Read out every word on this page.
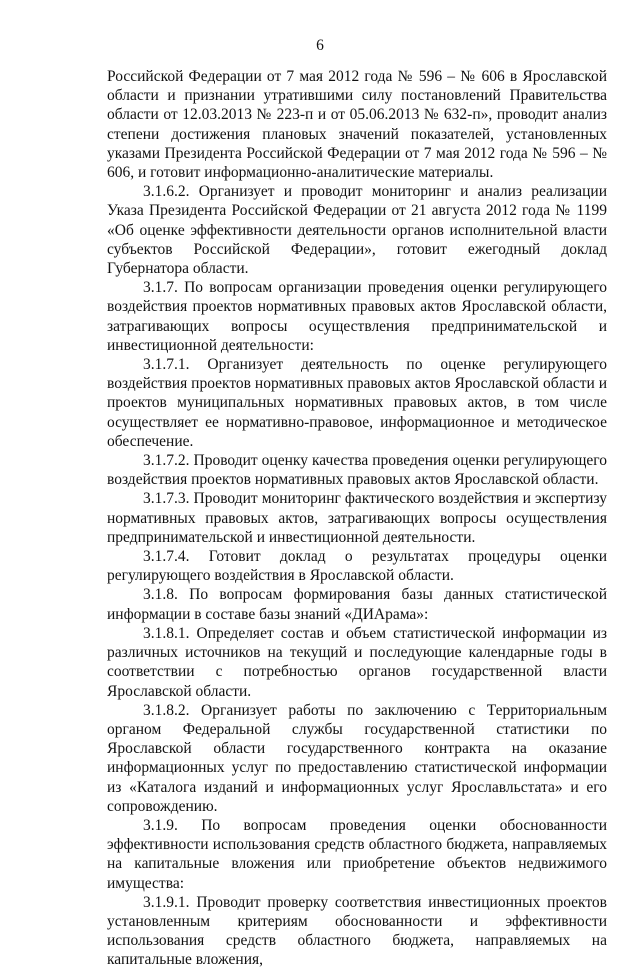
6

Российской Федерации от 7 мая 2012 года № 596 – № 606 в Ярославской области и признании утратившими силу постановлений Правительства области от 12.03.2013 № 223-п и от 05.06.2013 № 632-п», проводит анализ степени достижения плановых значений показателей, установленных указами Президента Российской Федерации от 7 мая 2012 года № 596 – № 606, и готовит информационно-аналитические материалы.

3.1.6.2. Организует и проводит мониторинг и анализ реализации Указа Президента Российской Федерации от 21 августа 2012 года № 1199 «Об оценке эффективности деятельности органов исполнительной власти субъектов Российской Федерации», готовит ежегодный доклад Губернатора области.

3.1.7. По вопросам организации проведения оценки регулирующего воздействия проектов нормативных правовых актов Ярославской области, затрагивающих вопросы осуществления предпринимательской и инвестиционной деятельности:

3.1.7.1. Организует деятельность по оценке регулирующего воздействия проектов нормативных правовых актов Ярославской области и проектов муниципальных нормативных правовых актов, в том числе осуществляет ее нормативно-правовое, информационное и методическое обеспечение.

3.1.7.2. Проводит оценку качества проведения оценки регулирующего воздействия проектов нормативных правовых актов Ярославской области.

3.1.7.3. Проводит мониторинг фактического воздействия и экспертизу нормативных правовых актов, затрагивающих вопросы осуществления предпринимательской и инвестиционной деятельности.

3.1.7.4. Готовит доклад о результатах процедуры оценки регулирующего воздействия в Ярославской области.

3.1.8. По вопросам формирования базы данных статистической информации в составе базы знаний «ДИАрама»:

3.1.8.1. Определяет состав и объем статистической информации из различных источников на текущий и последующие календарные годы в соответствии с потребностью органов государственной власти Ярославской области.

3.1.8.2. Организует работы по заключению с Территориальным органом Федеральной службы государственной статистики по Ярославской области государственного контракта на оказание информационных услуг по предоставлению статистической информации из «Каталога изданий и информационных услуг Ярославльстата» и его сопровождению.

3.1.9. По вопросам проведения оценки обоснованности эффективности использования средств областного бюджета, направляемых на капитальные вложения или приобретение объектов недвижимого имущества:

3.1.9.1. Проводит проверку соответствия инвестиционных проектов установленным критериям обоснованности и эффективности использования средств областного бюджета, направляемых на капитальные вложения,
